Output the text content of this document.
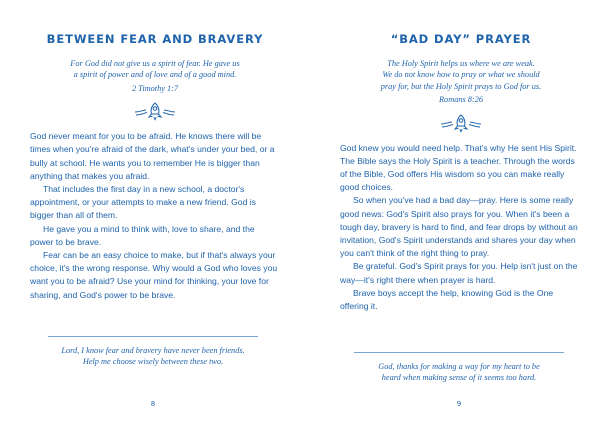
BETWEEN FEAR AND BRAVERY
For God did not give us a spirit of fear. He gave us
a spirit of power and of love and of a good mind.
2 Timothy 1:7

God never meant for you to be afraid. He knows there will be times when you're afraid of the dark, what's under your bed, or a bully at school. He wants you to remember He is bigger than anything that makes you afraid.

That includes the first day in a new school, a doctor's appointment, or your attempts to make a new friend. God is bigger than all of them.

He gave you a mind to think with, love to share, and the power to be brave.

Fear can be an easy choice to make, but if that's always your choice, it's the wrong response. Why would a God who loves you want you to be afraid? Use your mind for thinking, your love for sharing, and God's power to be brave.

Lord, I know fear and bravery have never been friends.
Help me choose wisely between these two.
8
“BAD DAY” PRAYER
The Holy Spirit helps us where we are weak.
We do not know how to pray or what we should
pray for, but the Holy Spirit prays to God for us.
Romans 8:26

God knew you would need help. That's why He sent His Spirit. The Bible says the Holy Spirit is a teacher. Through the words of the Bible, God offers His wisdom so you can make really good choices.

So when you've had a bad day—pray. Here is some really good news: God's Spirit also prays for you. When it's been a tough day, bravery is hard to find, and fear drops by without an invitation, God's Spirit understands and shares your day when you can't think of the right thing to pray.

Be grateful. God's Spirit prays for you. Help isn't just on the way—it's right there when prayer is hard.

Brave boys accept the help, knowing God is the One offering it.

God, thanks for making a way for my heart to be
heard when making sense of it seems too hard.
9
